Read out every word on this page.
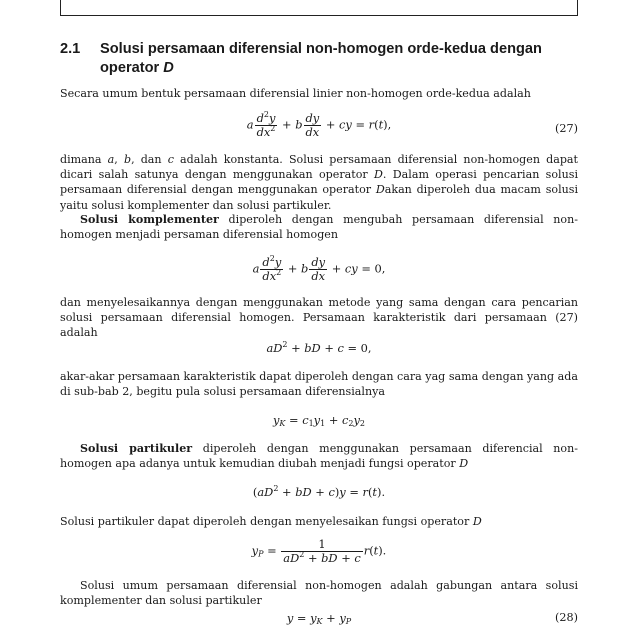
2.1 Solusi persamaan diferensial non-homogen orde-kedua dengan operator D
Secara umum bentuk persamaan diferensial linier non-homogen orde-kedua adalah
a $\frac{d^2y}{dx^2} + b \frac{dy}{dx}$ + cy = r(t),	(27)
dimana a, b, dan c adalah konstanta. Solusi persamaan diferensial non-homogen dapat dicari salah satunya dengan menggunakan operator D. Dalam operasi pencarian solusi persamaan diferensial dengan menggunakan operator Dakan diperoleh dua macam solusi yaitu solusi komplementer dan solusi partikuler.
Solusi komplementer diperoleh dengan mengubah persamaan diferensial non-homogen menjadi persaman diferensial homogen
a $\frac{d^2y}{dx^2} + b \frac{dy}{dx}$ + cy = 0,
dan menyelesaikannya dengan menggunakan metode yang sama dengan cara pencarian solusi persamaan diferensial homogen. Persamaan karakteristik dari persamaan (27) adalah
$aD^2$ + bD + c = 0,
akar-akar persamaan karakteristik dapat diperoleh dengan cara yag sama dengan yang ada di sub-bab 2, begitu pula solusi persamaan diferensialnya
$y_K = c_1y_1 + c_2y_2$
Solusi partikuler diperoleh dengan menggunakan persamaan diferencial non-homogen apa adanya untuk kemudian diubah menjadi fungsi operator D
($aD^2$ + bD + c)y = r(t).
Solusi partikuler dapat diperoleh dengan menyelesaikan fungsi operator D
$y_P = \frac{1}{aD^2 + bD + c} r(t)$.
Solusi umum persamaan diferensial non-homogen adalah gabungan antara solusi komplementer dan solusi partikuler
$y = y_K + y_P$	(28)
